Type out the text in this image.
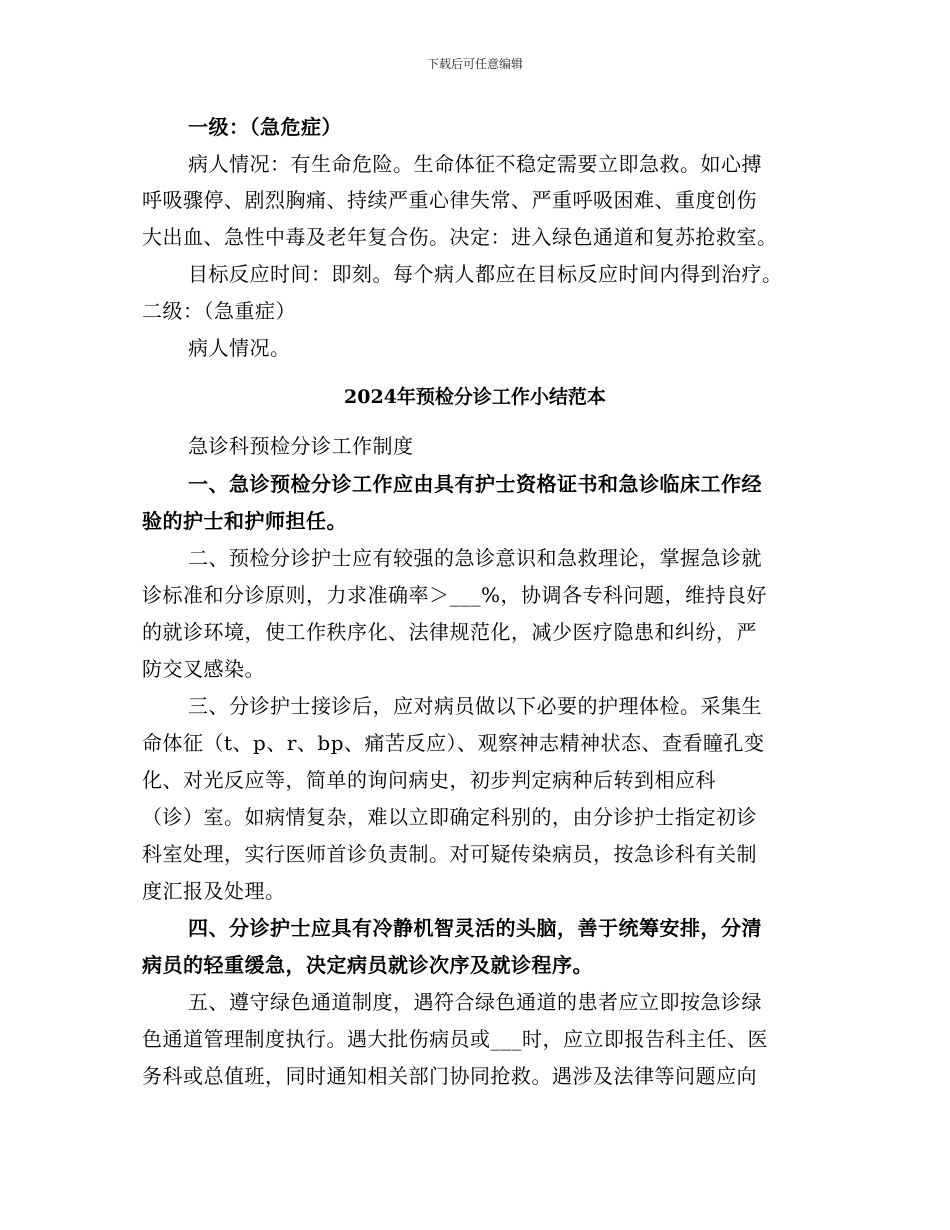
下载后可任意编辑
一级：（急危症）
病人情况：有生命危险。生命体征不稳定需要立即急救。如心搏
呼吸骤停、剧烈胸痛、持续严重心律失常、严重呼吸困难、重度创伤
大出血、急性中毒及老年复合伤。决定：进入绿色通道和复苏抢救室。
目标反应时间：即刻。每个病人都应在目标反应时间内得到治疗。
二级：（急重症）
病人情况。
2024年预检分诊工作小结范本
急诊科预检分诊工作制度
一、急诊预检分诊工作应由具有护士资格证书和急诊临床工作经
验的护士和护师担任。
二、预检分诊护士应有较强的急诊意识和急救理论，掌握急诊就
诊标准和分诊原则，力求准确率＞___%，协调各专科问题，维持良好
的就诊环境，使工作秩序化、法律规范化，减少医疗隐患和纠纷，严
防交叉感染。
三、分诊护士接诊后，应对病员做以下必要的护理体检。采集生
命体征（t、p、r、bp、痛苦反应）、观察神志精神状态、查看瞳孔变
化、对光反应等，简单的询问病史，初步判定病种后转到相应科
（诊）室。如病情复杂，难以立即确定科别的，由分诊护士指定初诊
科室处理，实行医师首诊负责制。对可疑传染病员，按急诊科有关制
度汇报及处理。
四、分诊护士应具有冷静机智灵活的头脑，善于统筹安排，分清
病员的轻重缓急，决定病员就诊次序及就诊程序。
五、遵守绿色通道制度，遇符合绿色通道的患者应立即按急诊绿
色通道管理制度执行。遇大批伤病员或___时，应立即报告科主任、医
务科或总值班，同时通知相关部门协同抢救。遇涉及法律等问题应向
